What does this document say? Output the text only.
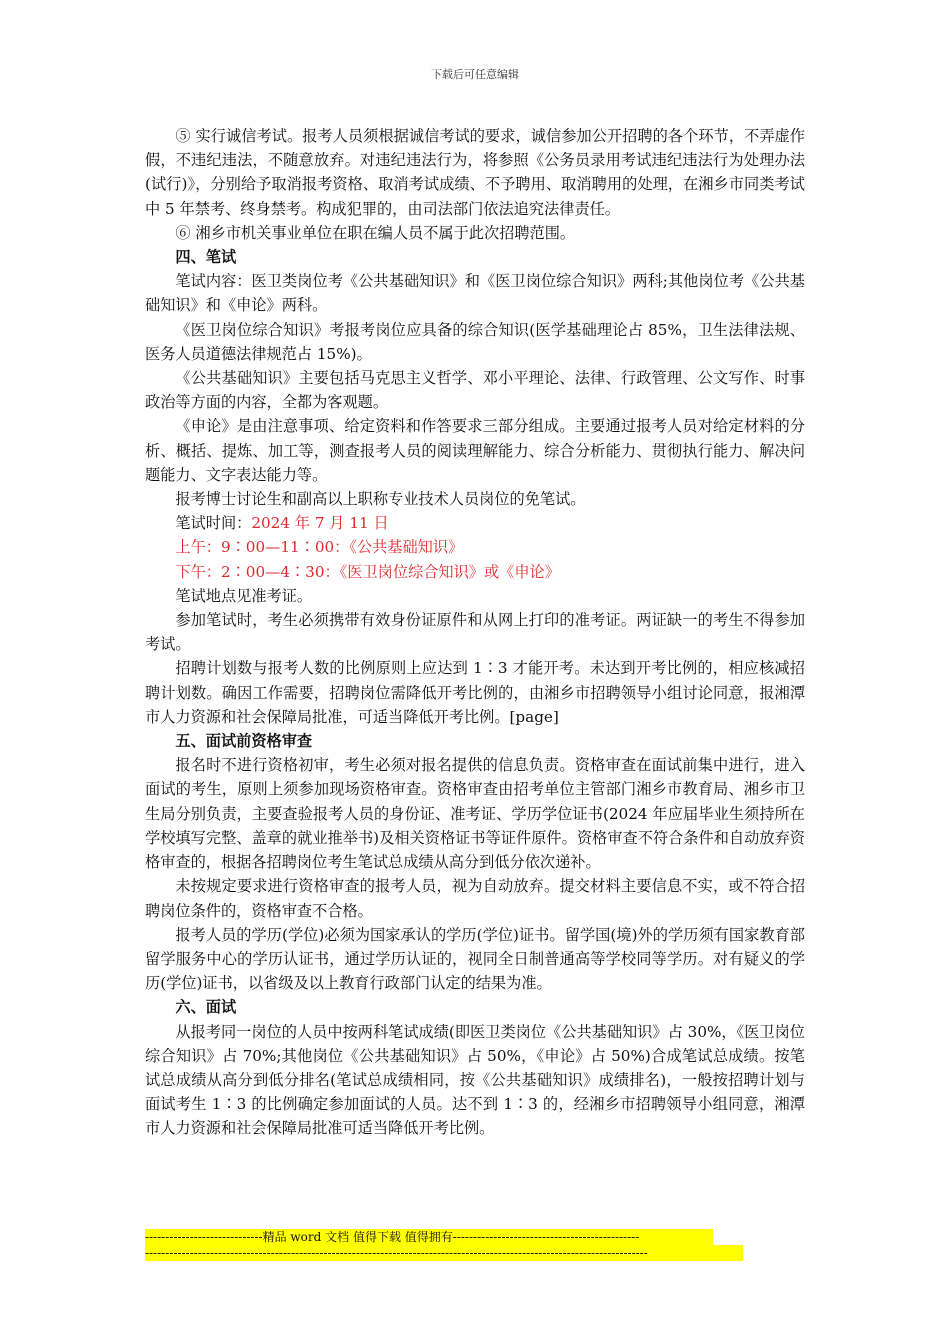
下载后可任意编辑

⑤ 实行诚信考试。报考人员须根据诚信考试的要求，诚信参加公开招聘的各个环节，不弄虚作假，不违纪违法，不随意放弃。对违纪违法行为，将参照《公务员录用考试违纪违法行为处理办法(试行)》，分别给予取消报考资格、取消考试成绩、不予聘用、取消聘用的处理，在湘乡市同类考试中 5 年禁考、终身禁考。构成犯罪的，由司法部门依法追究法律责任。

⑥ 湘乡市机关事业单位在职在编人员不属于此次招聘范围。

四、笔试

笔试内容：医卫类岗位考《公共基础知识》和《医卫岗位综合知识》两科;其他岗位考《公共基础知识》和《申论》两科。

《医卫岗位综合知识》考报考岗位应具备的综合知识(医学基础理论占 85%，卫生法律法规、医务人员道德法律规范占 15%)。

《公共基础知识》主要包括马克思主义哲学、邓小平理论、法律、行政管理、公文写作、时事政治等方面的内容，全都为客观题。

《申论》是由注意事项、给定资料和作答要求三部分组成。主要通过报考人员对给定材料的分析、概括、提炼、加工等，测查报考人员的阅读理解能力、综合分析能力、贯彻执行能力、解决问题能力、文字表达能力等。

报考博士讨论生和副高以上职称专业技术人员岗位的免笔试。

笔试时间：2024 年 7 月 11 日

上午：9∶00—11∶00：《公共基础知识》

下午：2∶00—4∶30：《医卫岗位综合知识》或《申论》

笔试地点见准考证。

参加笔试时，考生必须携带有效身份证原件和从网上打印的准考证。两证缺一的考生不得参加考试。

招聘计划数与报考人数的比例原则上应达到 1∶3 才能开考。未达到开考比例的，相应核减招聘计划数。确因工作需要，招聘岗位需降低开考比例的，由湘乡市招聘领导小组讨论同意，报湘潭市人力资源和社会保障局批准，可适当降低开考比例。[page]

五、面试前资格审查

报名时不进行资格初审，考生必须对报名提供的信息负责。资格审查在面试前集中进行，进入面试的考生，原则上须参加现场资格审查。资格审查由招考单位主管部门湘乡市教育局、湘乡市卫生局分别负责，主要查验报考人员的身份证、准考证、学历学位证书(2024 年应届毕业生须持所在学校填写完整、盖章的就业推举书)及相关资格证书等证件原件。资格审查不符合条件和自动放弃资格审查的，根据各招聘岗位考生笔试总成绩从高分到低分依次递补。

未按规定要求进行资格审查的报考人员，视为自动放弃。提交材料主要信息不实，或不符合招聘岗位条件的，资格审查不合格。

报考人员的学历(学位)必须为国家承认的学历(学位)证书。留学国(境)外的学历须有国家教育部留学服务中心的学历认证书，通过学历认证的，视同全日制普通高等学校同等学历。对有疑义的学历(学位)证书，以省级及以上教育行政部门认定的结果为准。

六、面试

从报考同一岗位的人员中按两科笔试成绩(即医卫类岗位《公共基础知识》占 30%，《医卫岗位综合知识》占 70%;其他岗位《公共基础知识》占 50%，《申论》占 50%)合成笔试总成绩。按笔试总成绩从高分到低分排名(笔试总成绩相同，按《公共基础知识》成绩排名)，一般按招聘计划与面试考生 1∶3 的比例确定参加面试的人员。达不到 1∶3 的，经湘乡市招聘领导小组同意，湘潭市人力资源和社会保障局批准可适当降低开考比例。

-----------------------------精品 word 文档 值得下载 值得拥有----------------------------------------------
----------------------------------------------------------------------------------------------------------------------------
